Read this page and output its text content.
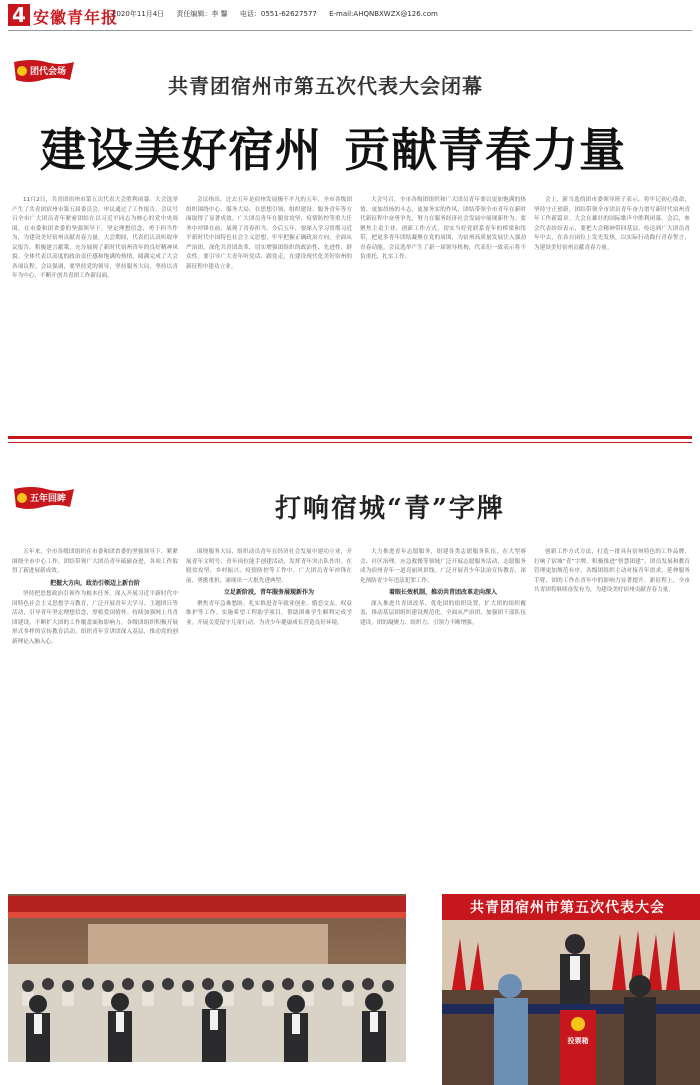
4 安徽青年报
2020年11月4日 责任编辑：李 馨 电话：0551-62627577 E-mail:AHQNBXWZX@126.com
团代会场
共青团宿州市第五次代表大会闭幕
建设美好宿州 贡献青春力量

11月2日，共青团宿州市第五次代表大会胜利闭幕。大会选举产生了共青团宿州市第五届委员会，审议通过了工作报告。会议号召全市广大团员青年紧密团结在以习近平同志为核心的党中央周围，在市委和团省委的坚强领导下，坚定理想信念，勇于担当作为，为建设美好宿州贡献青春力量。大会期间，代表们认真听取审议报告，积极建言献策，充分展现了新时代宿州青年的良好精神风貌。全体代表以高度的政治责任感和饱满的热情，圆满完成了大会各项议程。会议强调，要坚持党的领导，坚持服务大局，坚持以青年为中心，不断开创共青团工作新局面。

会议指出，过去五年是宿州发展极不平凡的五年，全市各级团组织围绕中心、服务大局，在思想引领、组织建设、服务青年等方面取得了显著成效。广大团员青年在脱贫攻坚、疫情防控等重大任务中冲锋在前，展现了青春担当。今后五年，要深入学习贯彻习近平新时代中国特色社会主义思想，牢牢把握正确政治方向，全面从严治团，深化共青团改革，切实增强团组织的政治性、先进性、群众性。要引导广大青年听党话、跟党走，在建设现代化美好宿州的新征程中建功立业。

大会号召，全市各级团组织和广大团员青年要以更加饱满的热情、更加昂扬的斗志、更加务实的作风，团结带领全市青年在新时代新征程中奋勇争先，努力在服务经济社会发展中展现新作为。要聚焦主责主业，创新工作方式，切实当好党联系青年的桥梁和纽带，把更多青年团结凝聚在党的周围，为宿州高质量发展注入强劲青春动能。会议选举产生了新一届领导机构，代表们一致表示将不负重托，扎实工作。

会上，新当选的团市委领导班子表示，将牢记初心使命，坚持守正创新，团结带领全市团员青年奋力谱写新时代宿州青年工作新篇章。大会在雄壮的国际歌声中胜利闭幕。会后，参会代表纷纷表示，要把大会精神带回基层，传达到广大团员青年中去，在各自岗位上发光发热，以实际行动践行青春誓言，为建设美好宿州贡献青春力量。

五年回眸	打响宿城“青”字牌

五年来，全市各级团组织在市委和团省委的坚强领导下，紧紧围绕全市中心工作，团结带领广大团员青年砥砺奋进，各项工作取得了新进展新成效。

把握大方向，政治引领迈上新台阶

坚持把思想政治引领作为根本任务，深入开展习近平新时代中国特色社会主义思想学习教育，广泛开展青年大学习、主题团日等活动，引导青年坚定理想信念，厚植爱国情怀。持续加强网上共青团建设，不断扩大团的工作覆盖面和影响力。各级团组织积极开展形式多样的宣传教育活动，组织青年宣讲团深入基层，推动党的创新理论入脑入心。

围绕服务大局，组织动员青年在经济社会发展中建功立业，开展青年文明号、青年岗位能手创建活动，发挥青年突击队作用。在脱贫攻坚、乡村振兴、疫情防控等工作中，广大团员青年冲锋在前、勇挑重担，涌现出一大批先进典型。

立足新阶段，青年服务展现新作为

聚焦青年急难愁盼，扎实推进青年就业创业、婚恋交友、权益维护等工作。实施希望工程助学项目，帮助困难学生顺利完成学业。开展关爱留守儿童行动，为青少年健康成长营造良好环境。

大力推进青年志愿服务，组建各类志愿服务队伍，在大型赛会、社区治理、应急救援等领域广泛开展志愿服务活动，志愿服务成为宿州青年一道亮丽风景线。广泛开展青少年法治宣传教育，深化预防青少年违法犯罪工作。

着眼长效机制，推动共青团改革走向深入

深入推进共青团改革，优化团的组织设置，扩大团的组织覆盖，推动基层团组织建设规范化。全面从严治团，加强团干部队伍建设，团的凝聚力、组织力、引领力不断增强。

创新工作方式方法，打造一批具有宿州特色的工作品牌，打响了宿城“青”字牌。积极推进“智慧团建”，团员发展和教育管理更加规范有序。各级团组织主动对接青年需求，延伸服务手臂，团的工作在青年中的影响力显著提升。新征程上，全市共青团将继续奋发有为，为建设美好宿州贡献青春力量。

共青团宿州市第五次代表大会
投票箱
